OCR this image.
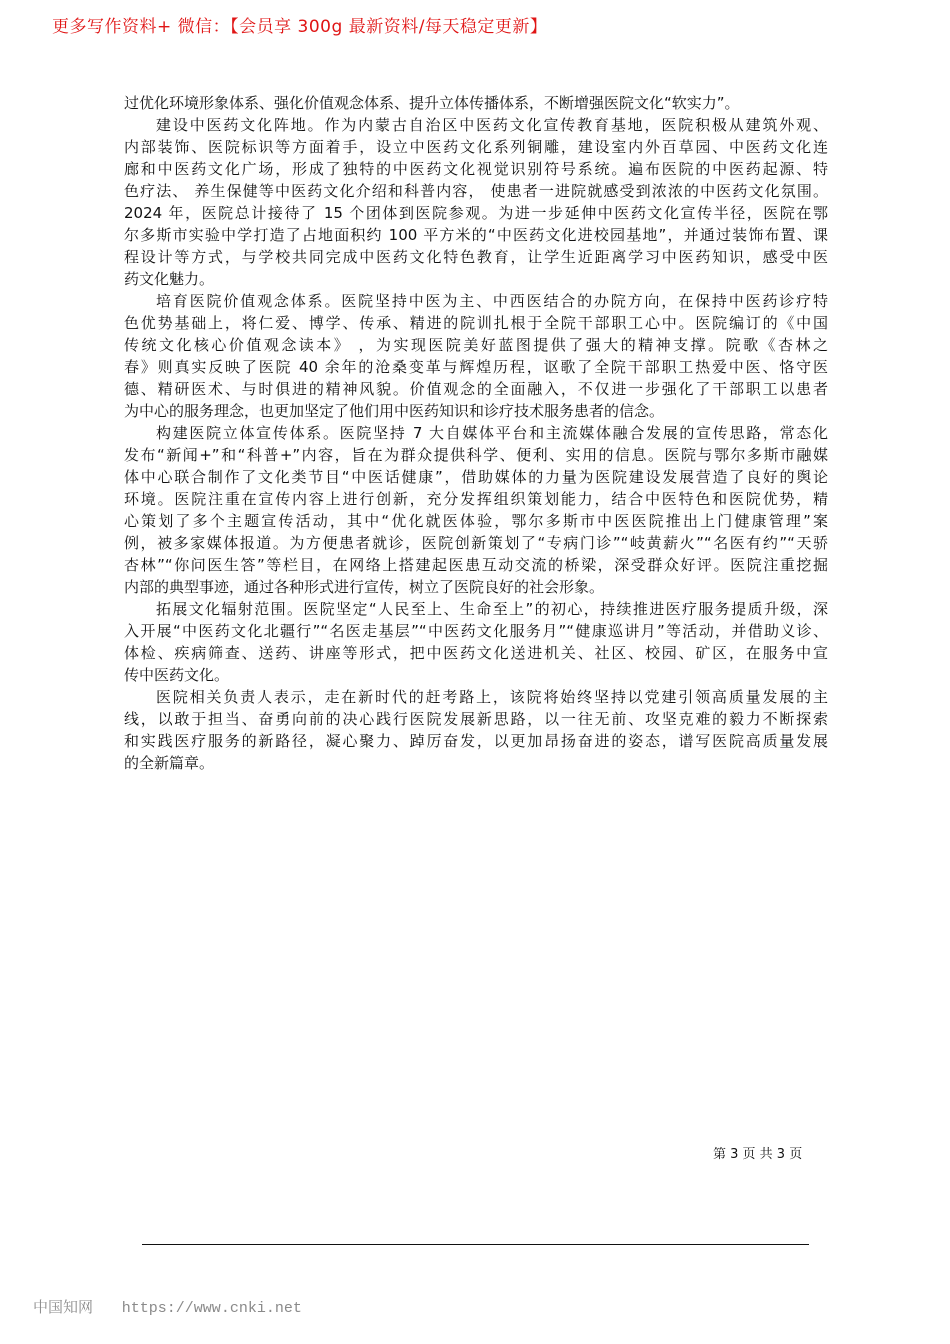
更多写作资料+ 微信：【会员享 300g 最新资料/每天稳定更新】
过优化环境形象体系、强化价值观念体系、提升立体传播体系，不断增强医院文化“软实力”。
建设中医药文化阵地。作为内蒙古自治区中医药文化宣传教育基地，医院积极从建筑外观、
内部装饰、医院标识等方面着手，设立中医药文化系列铜雕，建设室内外百草园、中医药文化连
廊和中医药文化广场，形成了独特的中医药文化视觉识别符号系统。遍布医院的中医药起源、特
色疗法、 养生保健等中医药文化介绍和科普内容， 使患者一进院就感受到浓浓的中医药文化氛围。
2024 年，医院总计接待了 15 个团体到医院参观。为进一步延伸中医药文化宣传半径，医院在鄂
尔多斯市实验中学打造了占地面积约 100 平方米的“中医药文化进校园基地”，并通过装饰布置、课
程设计等方式，与学校共同完成中医药文化特色教育，让学生近距离学习中医药知识，感受中医
药文化魅力。
培育医院价值观念体系。医院坚持中医为主、中西医结合的办院方向，在保持中医药诊疗特
色优势基础上，将仁爱、博学、传承、精进的院训扎根于全院干部职工心中。医院编订的《中国
传统文化核心价值观念读本》 ，为实现医院美好蓝图提供了强大的精神支撑。院歌《杏林之
春》则真实反映了医院 40 余年的沧桑变革与辉煌历程，讴歌了全院干部职工热爱中医、恪守医
德、精研医术、与时俱进的精神风貌。价值观念的全面融入，不仅进一步强化了干部职工以患者
为中心的服务理念，也更加坚定了他们用中医药知识和诊疗技术服务患者的信念。
构建医院立体宣传体系。医院坚持 7 大自媒体平台和主流媒体融合发展的宣传思路，常态化
发布“新闻+”和“科普+”内容，旨在为群众提供科学、便利、实用的信息。医院与鄂尔多斯市融媒
体中心联合制作了文化类节目“中医话健康”，借助媒体的力量为医院建设发展营造了良好的舆论
环境。医院注重在宣传内容上进行创新，充分发挥组织策划能力，结合中医特色和医院优势，精
心策划了多个主题宣传活动，其中“优化就医体验，鄂尔多斯市中医医院推出上门健康管理”案
例，被多家媒体报道。为方便患者就诊，医院创新策划了“专病门诊”“岐黄薪火”“名医有约”“天骄
杏林”“你问医生答”等栏目，在网络上搭建起医患互动交流的桥梁，深受群众好评。医院注重挖掘
内部的典型事迹，通过各种形式进行宣传，树立了医院良好的社会形象。
拓展文化辐射范围。医院坚定“人民至上、生命至上”的初心，持续推进医疗服务提质升级，深
入开展“中医药文化北疆行”“名医走基层”“中医药文化服务月”“健康巡讲月”等活动，并借助义诊、
体检、疾病筛查、送药、讲座等形式，把中医药文化送进机关、社区、校园、矿区，在服务中宣
传中医药文化。
医院相关负责人表示，走在新时代的赶考路上，该院将始终坚持以党建引领高质量发展的主
线，以敢于担当、奋勇向前的决心践行医院发展新思路，以一往无前、攻坚克难的毅力不断探索
和实践医疗服务的新路径，凝心聚力、踔厉奋发，以更加昂扬奋进的姿态，谱写医院高质量发展
的全新篇章。
第 3 页 共 3 页
中国知网 https://www.cnki.net
